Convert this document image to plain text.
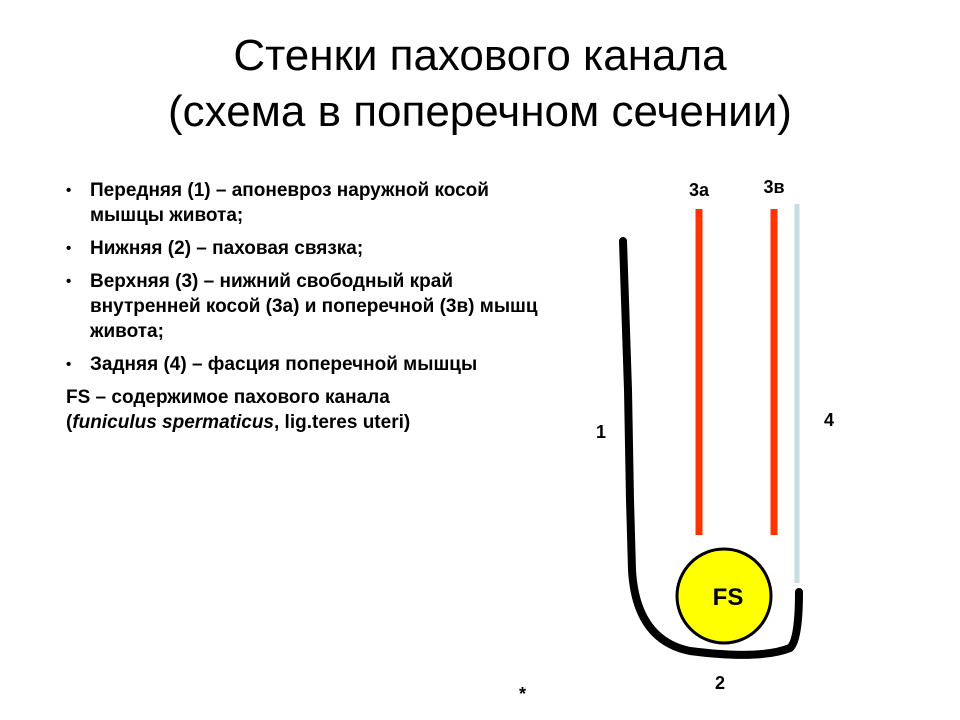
Стенки пахового канала
(схема в поперечном сечении)
• Передняя (1) – апоневроз наружной косой мышцы живота;
• Нижняя (2) – паховая связка;
• Верхняя (3) – нижний свободный край внутренней косой (3а) и поперечной (3в) мышц живота;
• Задняя (4) – фасция поперечной мышцы
FS – содержимое пахового канала
(funiculus spermaticus, lig.teres uteri)
FS
3а	3в
1
4
2
*
